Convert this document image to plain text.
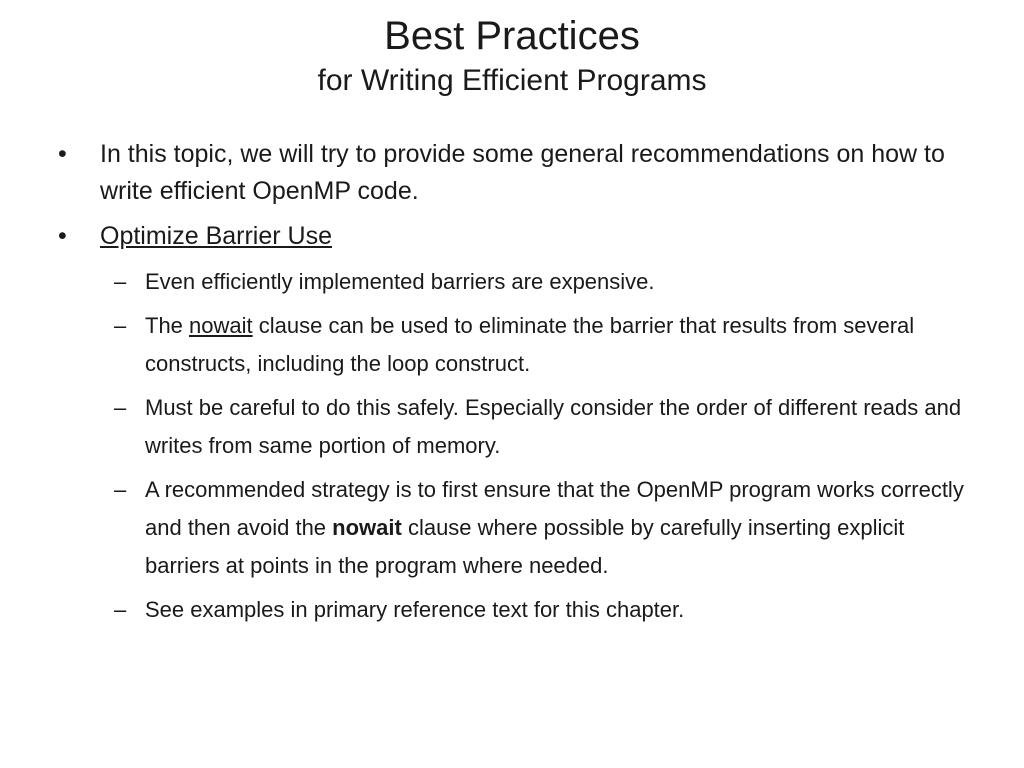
Best Practices
for Writing Efficient Programs
• In this topic, we will try to provide some general recommendations on how to write efficient OpenMP code.
• Optimize Barrier Use
– Even efficiently implemented barriers are expensive.
– The nowait clause can be used to eliminate the barrier that results from several constructs, including the loop construct.
– Must be careful to do this safely. Especially consider the order of different reads and writes from same portion of memory.
– A recommended strategy is to first ensure that the OpenMP program works correctly and then avoid the nowait clause where possible by carefully inserting explicit barriers at points in the program where needed.
– See examples in primary reference text for this chapter.
